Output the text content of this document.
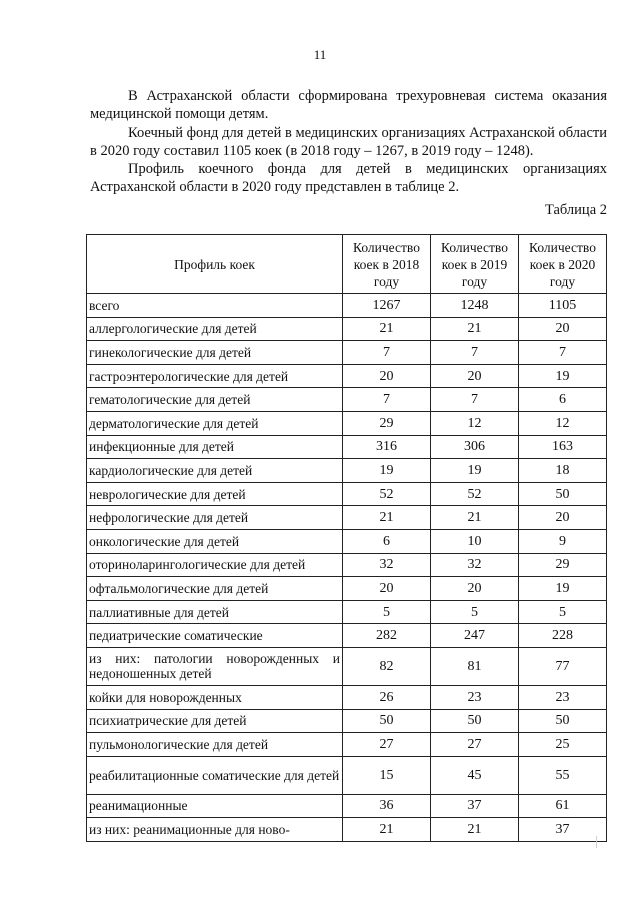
11

В Астраханской области сформирована трехуровневая система оказания медицинской помощи детям.

Коечный фонд для детей в медицинских организациях Астраханской области в 2020 году составил 1105 коек (в 2018 году – 1267, в 2019 году – 1248).

Профиль коечного фонда для детей в медицинских организациях Астраханской области в 2020 году представлен в таблице 2.

Таблица 2
Профиль коек	Количество коек в 2018 году	Количество коек в 2019 году	Количество коек в 2020 году
всего	1267	1248	1105
аллергологические для детей	21	21	20
гинекологические для детей	7	7	7
гастроэнтерологические для детей	20	20	19
гематологические для детей	7	7	6
дерматологические для детей	29	12	12
инфекционные для детей	316	306	163
кардиологические для детей	19	19	18
неврологические для детей	52	52	50
нефрологические для детей	21	21	20
онкологические для детей	6	10	9
оториноларингологические для детей	32	32	29
офтальмологические для детей	20	20	19
паллиативные для детей	5	5	5
педиатрические соматические	282	247	228
из них: патологии новорожденных и недоношенных детей	82	81	77
койки для новорожденных	26	23	23
психиатрические для детей	50	50	50
пульмонологические для детей	27	27	25
реабилитационные соматические для детей	15	45	55
реанимационные	36	37	61
из них: реанимационные для ново-	21	21	37
